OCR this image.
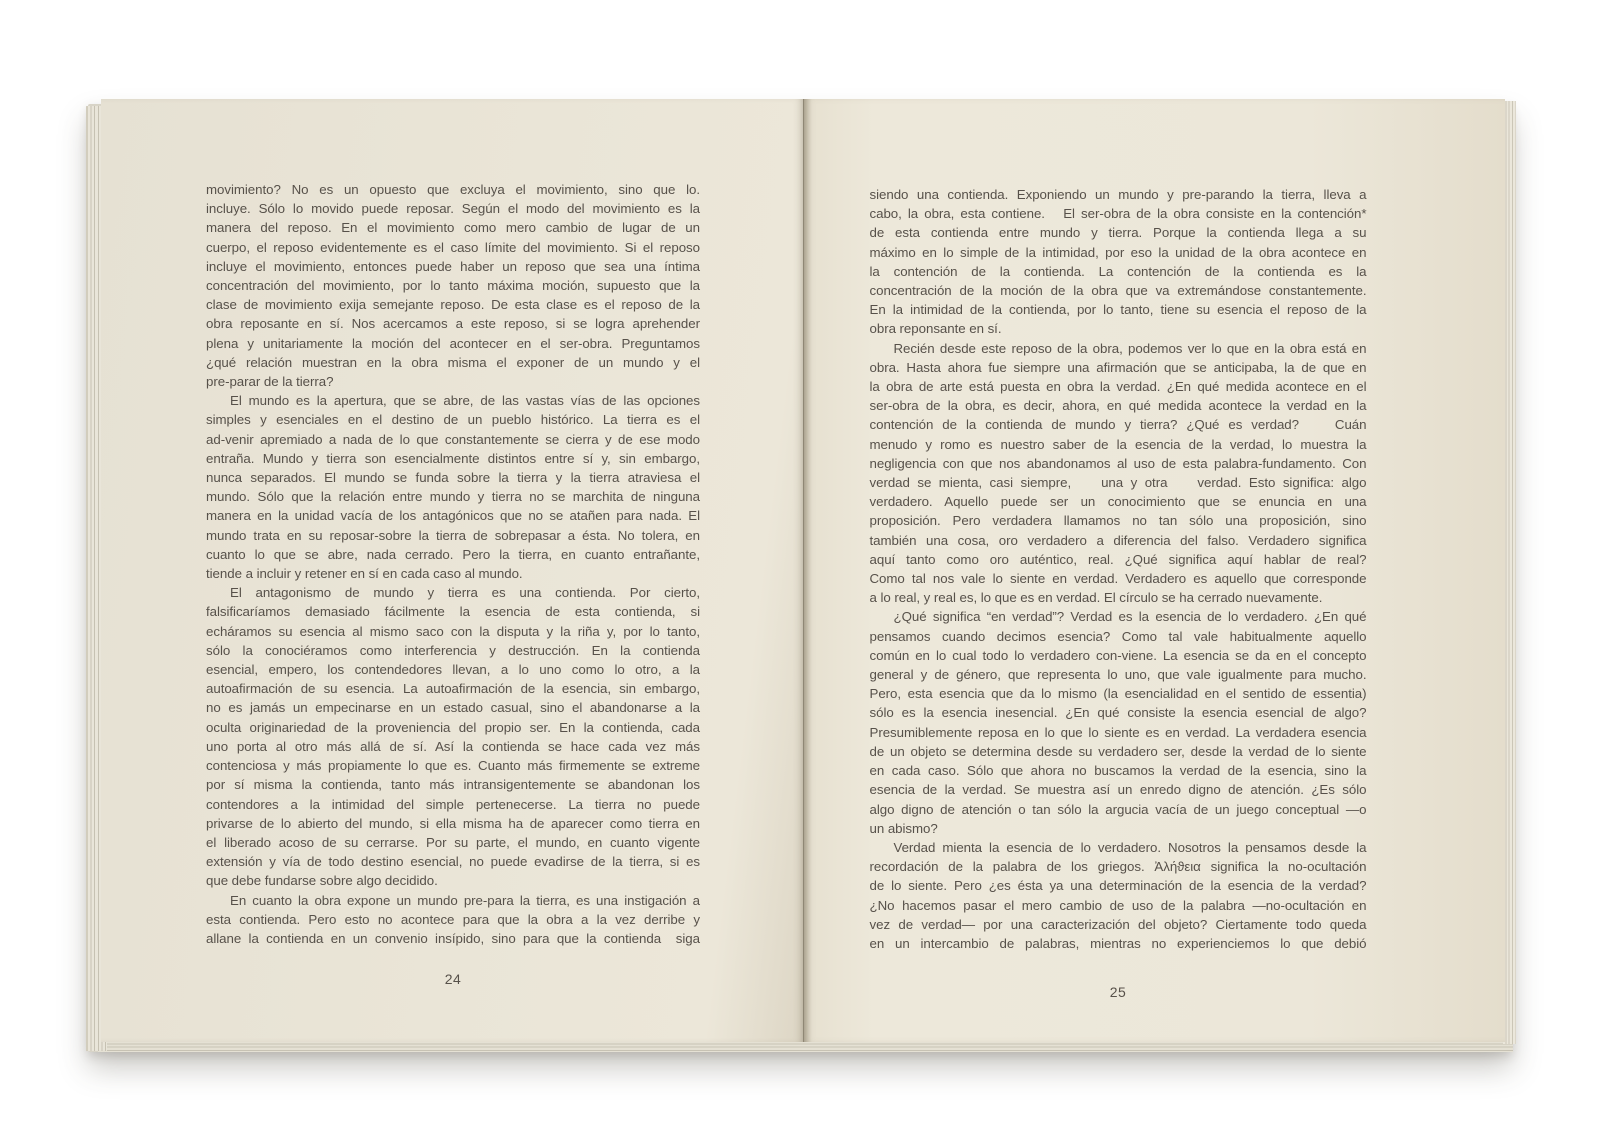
movimiento? No es un opuesto que excluya el movimiento, sino que lo.
incluye. Sólo lo movido puede reposar. Según el modo del movimiento es la
manera del reposo. En el movimiento como mero cambio de lugar de un
cuerpo, el reposo evidentemente es el caso límite del movimiento. Si el reposo
incluye el movimiento, entonces puede haber un reposo que sea una íntima
concentración del movimiento, por lo tanto máxima moción, supuesto que la
clase de movimiento exija semejante reposo. De esta clase es el reposo de la
obra reposante en sí. Nos acercamos a este reposo, si se logra aprehender
plena y unitariamente la moción del acontecer en el ser-obra. Preguntamos
¿qué relación muestran en la obra misma el exponer de un mundo y el
pre-parar de la tierra?
El mundo es la apertura, que se abre, de las vastas vías de las opciones
simples y esenciales en el destino de un pueblo histórico. La tierra es el
ad-venir apremiado a nada de lo que constantemente se cierra y de ese modo
entraña. Mundo y tierra son esencialmente distintos entre sí y, sin embargo,
nunca separados. El mundo se funda sobre la tierra y la tierra atraviesa el
mundo. Sólo que la relación entre mundo y tierra no se marchita de ninguna
manera en la unidad vacía de los antagónicos que no se atañen para nada. El
mundo trata en su reposar-sobre la tierra de sobrepasar a ésta. No tolera, en
cuanto lo que se abre, nada cerrado. Pero la tierra, en cuanto entrañante,
tiende a incluir y retener en sí en cada caso al mundo.
El antagonismo de mundo y tierra es una contienda. Por cierto,
falsificaríamos demasiado fácilmente la esencia de esta contienda, si
echáramos su esencia al mismo saco con la disputa y la riña y, por lo tanto,
sólo la conociéramos como interferencia y destrucción. En la contienda
esencial, empero, los contendedores llevan, a lo uno como lo otro, a la
autoafirmación de su esencia. La autoafirmación de la esencia, sin embargo,
no es jamás un empecinarse en un estado casual, sino el abandonarse a la
oculta originariedad de la proveniencia del propio ser. En la contienda, cada
uno porta al otro más allá de sí. Así la contienda se hace cada vez más
contenciosa y más propiamente lo que es. Cuanto más firmemente se extreme
por sí misma la contienda, tanto más intransigentemente se abandonan los
contendores a la intimidad del simple pertenecerse. La tierra no puede
privarse de lo abierto del mundo, si ella misma ha de aparecer como tierra en
el liberado acoso de su cerrarse. Por su parte, el mundo, en cuanto vigente
extensión y vía de todo destino esencial, no puede evadirse de la tierra, si es
que debe fundarse sobre algo decidido.
En cuanto la obra expone un mundo pre-para la tierra, es una instigación a
esta contienda. Pero esto no acontece para que la obra a la vez derribe y
allane la contienda en un convenio insípido, sino para que la contienda  siga
24
siendo una contienda. Exponiendo un mundo y pre-parando la tierra, lleva a
cabo, la obra, esta contiene.   El ser-obra de la obra consiste en la contención*
de esta contienda entre mundo y tierra. Porque la contienda llega a su
máximo en lo simple de la intimidad, por eso la unidad de la obra acontece en
la contención de la contienda. La contención de la contienda es la
concentración de la moción de la obra que va extremándose constantemente.
En la intimidad de la contienda, por lo tanto, tiene su esencia el reposo de la
obra reponsante en sí.
Recién desde este reposo de la obra, podemos ver lo que en la obra está en
obra. Hasta ahora fue siempre una afirmación que se anticipaba, la de que en
la obra de arte está puesta en obra la verdad. ¿En qué medida acontece en el
ser-obra de la obra, es decir, ahora, en qué medida acontece la verdad en la
contención de la contienda de mundo y tierra? ¿Qué es verdad?    Cuán
menudo y romo es nuestro saber de la esencia de la verdad, lo muestra la
negligencia con que nos abandonamos al uso de esta palabra-fundamento. Con
verdad se mienta, casi siempre,    una y otra    verdad. Esto significa: algo
verdadero. Aquello puede ser un conocimiento que se enuncia en una
proposición. Pero verdadera llamamos no tan sólo una proposición, sino
también una cosa, oro verdadero a diferencia del falso. Verdadero significa
aquí tanto como oro auténtico, real. ¿Qué significa aquí hablar de real?
Como tal nos vale lo siente en verdad. Verdadero es aquello que corresponde
a lo real, y real es, lo que es en verdad. El círculo se ha cerrado nuevamente.
¿Qué significa “en verdad”? Verdad es la esencia de lo verdadero. ¿En qué
pensamos cuando decimos esencia? Como tal vale habitualmente aquello
común en lo cual todo lo verdadero con-viene. La esencia se da en el concepto
general y de género, que representa lo uno, que vale igualmente para mucho.
Pero, esta esencia que da lo mismo (la esencialidad en el sentido de essentia)
sólo es la esencia inesencial. ¿En qué consiste la esencia esencial de algo?
Presumiblemente reposa en lo que lo siente es en verdad. La verdadera esencia
de un objeto se determina desde su verdadero ser, desde la verdad de lo siente
en cada caso. Sólo que ahora no buscamos la verdad de la esencia, sino la
esencia de la verdad. Se muestra así un enredo digno de atención. ¿Es sólo
algo digno de atención o tan sólo la argucia vacía de un juego conceptual —o
un abismo?
Verdad mienta la esencia de lo verdadero. Nosotros la pensamos desde la
recordación de la palabra de los griegos. Ἀλήϑεια significa la no-ocultación
de lo siente. Pero ¿es ésta ya una determinación de la esencia de la verdad?
¿No hacemos pasar el mero cambio de uso de la palabra —no-ocultación en
vez de verdad— por una caracterización del objeto? Ciertamente todo queda
en un intercambio de palabras, mientras no experienciemos lo que debió
25
